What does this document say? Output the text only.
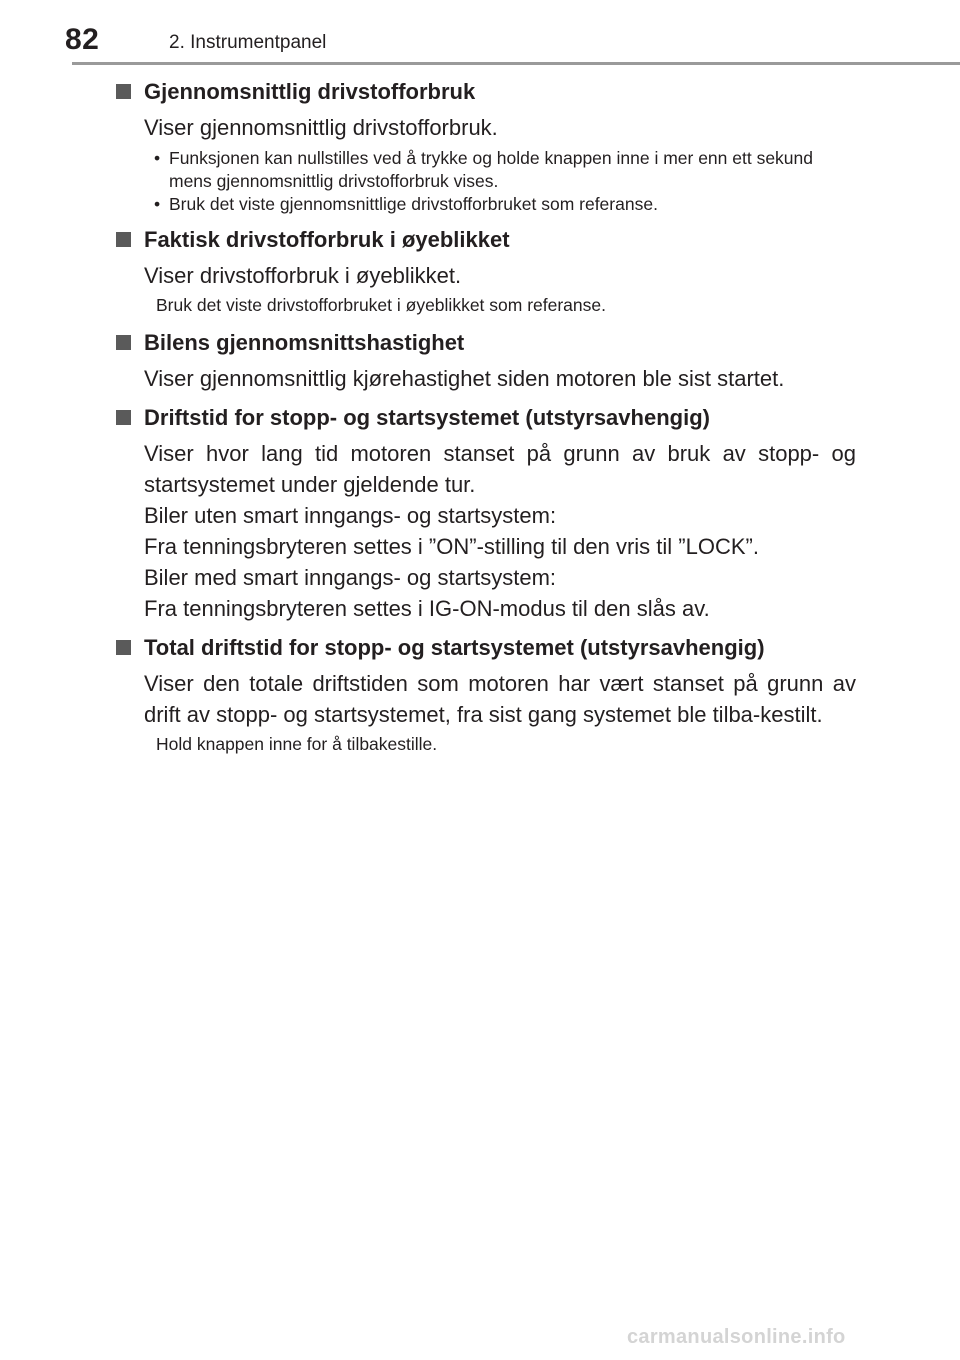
82	2. Instrumentpanel
Gjennomsnittlig drivstofforbruk

Viser gjennomsnittlig drivstofforbruk.

• Funksjonen kan nullstilles ved å trykke og holde knappen inne i mer enn ett sekund mens gjennomsnittlig drivstofforbruk vises.
• Bruk det viste gjennomsnittlige drivstofforbruket som referanse.
Faktisk drivstofforbruk i øyeblikket

Viser drivstofforbruk i øyeblikket.

Bruk det viste drivstofforbruket i øyeblikket som referanse.

Bilens gjennomsnittshastighet

Viser gjennomsnittlig kjørehastighet siden motoren ble sist startet.

Driftstid for stopp- og startsystemet (utstyrsavhengig)

Viser hvor lang tid motoren stanset på grunn av bruk av stopp- og startsystemet under gjeldende tur.

Biler uten smart inngangs- og startsystem:

Fra tenningsbryteren settes i ”ON”-stilling til den vris til ”LOCK”.

Biler med smart inngangs- og startsystem:

Fra tenningsbryteren settes i IG-ON-modus til den slås av.

Total driftstid for stopp- og startsystemet (utstyrsavhengig)

Viser den totale driftstiden som motoren har vært stanset på grunn av drift av stopp- og startsystemet, fra sist gang systemet ble tilba-kestilt.

Hold knappen inne for å tilbakestille.

carmanualsonline.info
